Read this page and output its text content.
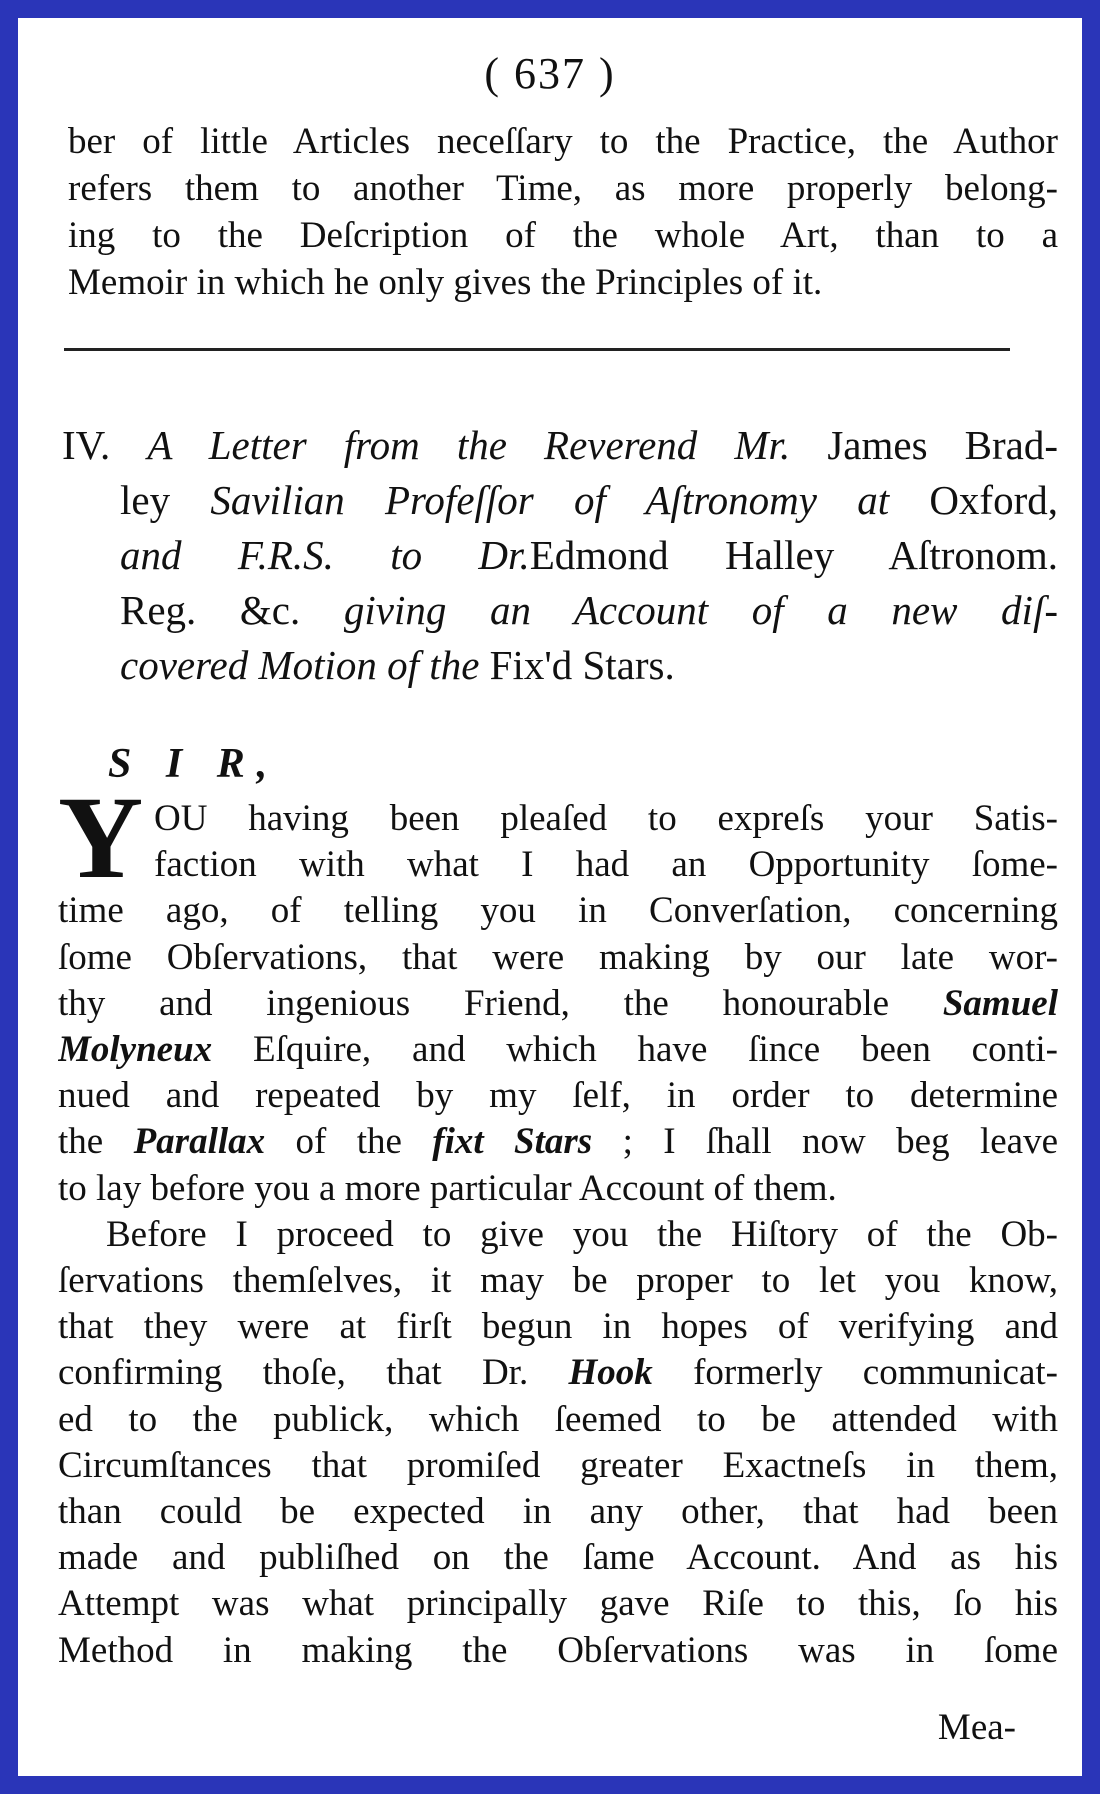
( 637 )
ber of little Articles neceſſary to the Practice, the Author
refers them to another Time, as more properly belong-
ing to the Deſcription of the whole Art, than to a
Memoir in which he only gives the Principles of it.
IV. A Letter from the Reverend Mr. James Brad-
ley Savilian Profeſſor of Aſtronomy at Oxford,
and F.R.S. to Dr.Edmond Halley Aſtronom.
Reg. &c. giving an Account of a new diſ-
covered Motion of the Fix'd Stars.
S I R,
Y OU having been pleaſed to expreſs your Satis-
faction with what I had an Opportunity ſome-
time ago, of telling you in Converſation, concerning
ſome Obſervations, that were making by our late wor-
thy and ingenious Friend, the honourable Samuel
Molyneux Eſquire, and which have ſince been conti-
nued and repeated by my ſelf, in order to determine
the Parallax of the fixt Stars ; I ſhall now beg leave
to lay before you a more particular Account of them.
Before I proceed to give you the Hiſtory of the Ob-
ſervations themſelves, it may be proper to let you know,
that they were at firſt begun in hopes of verifying and
confirming thoſe, that Dr. Hook formerly communicat-
ed to the publick, which ſeemed to be attended with
Circumſtances that promiſed greater Exactneſs in them,
than could be expected in any other, that had been
made and publiſhed on the ſame Account. And as his
Attempt was what principally gave Riſe to this, ſo his
Method in making the Obſervations was in ſome
Mea-
